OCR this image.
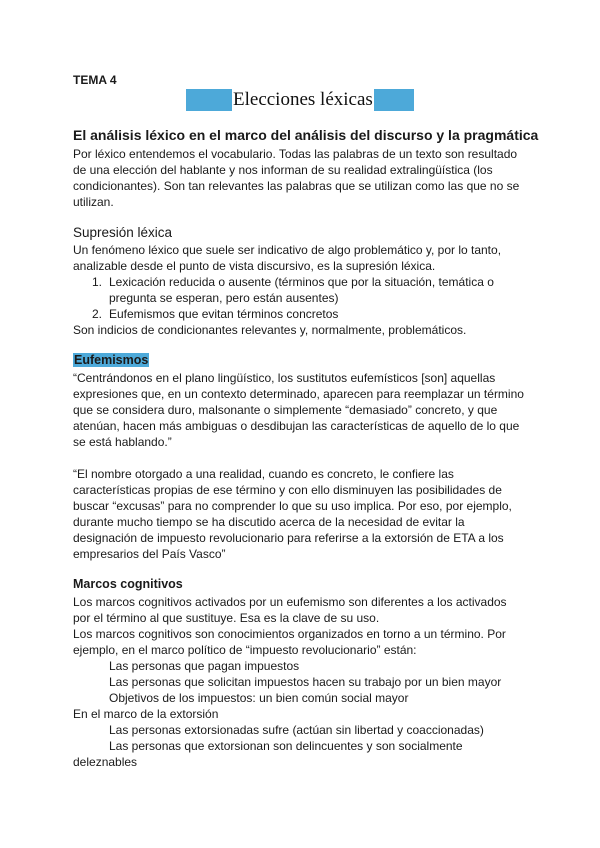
TEMA 4
Elecciones léxicas
El análisis léxico en el marco del análisis del discurso y la pragmática
Por léxico entendemos el vocabulario. Todas las palabras de un texto son resultado
de una elección del hablante y nos informan de su realidad extralingüística (los
condicionantes). Son tan relevantes las palabras que se utilizan como las que no se
utilizan.
Supresión léxica
Un fenómeno léxico que suele ser indicativo de algo problemático y, por lo tanto,
analizable desde el punto de vista discursivo, es la supresión léxica.
1. Lexicación reducida o ausente (términos que por la situación, temática o
pregunta se esperan, pero están ausentes)
2. Eufemismos que evitan términos concretos
Son indicios de condicionantes relevantes y, normalmente, problemáticos.
Eufemismos
“Centrándonos en el plano lingüístico, los sustitutos eufemísticos [son] aquellas
expresiones que, en un contexto determinado, aparecen para reemplazar un término
que se considera duro, malsonante o simplemente “demasiado” concreto, y que
atenúan, hacen más ambiguas o desdibujan las características de aquello de lo que
se está hablando.”
“El nombre otorgado a una realidad, cuando es concreto, le confiere las
características propias de ese término y con ello disminuyen las posibilidades de
buscar “excusas” para no comprender lo que su uso implica. Por eso, por ejemplo,
durante mucho tiempo se ha discutido acerca de la necesidad de evitar la
designación de impuesto revolucionario para referirse a la extorsión de ETA a los
empresarios del País Vasco”
Marcos cognitivos
Los marcos cognitivos activados por un eufemismo son diferentes a los activados
por el término al que sustituye. Esa es la clave de su uso.
Los marcos cognitivos son conocimientos organizados en torno a un término. Por
ejemplo, en el marco político de “impuesto revolucionario” están:
Las personas que pagan impuestos
Las personas que solicitan impuestos hacen su trabajo por un bien mayor
Objetivos de los impuestos: un bien común social mayor
En el marco de la extorsión
Las personas extorsionadas sufre (actúan sin libertad y coaccionadas)
Las personas que extorsionan son delincuentes y son socialmente
deleznables
